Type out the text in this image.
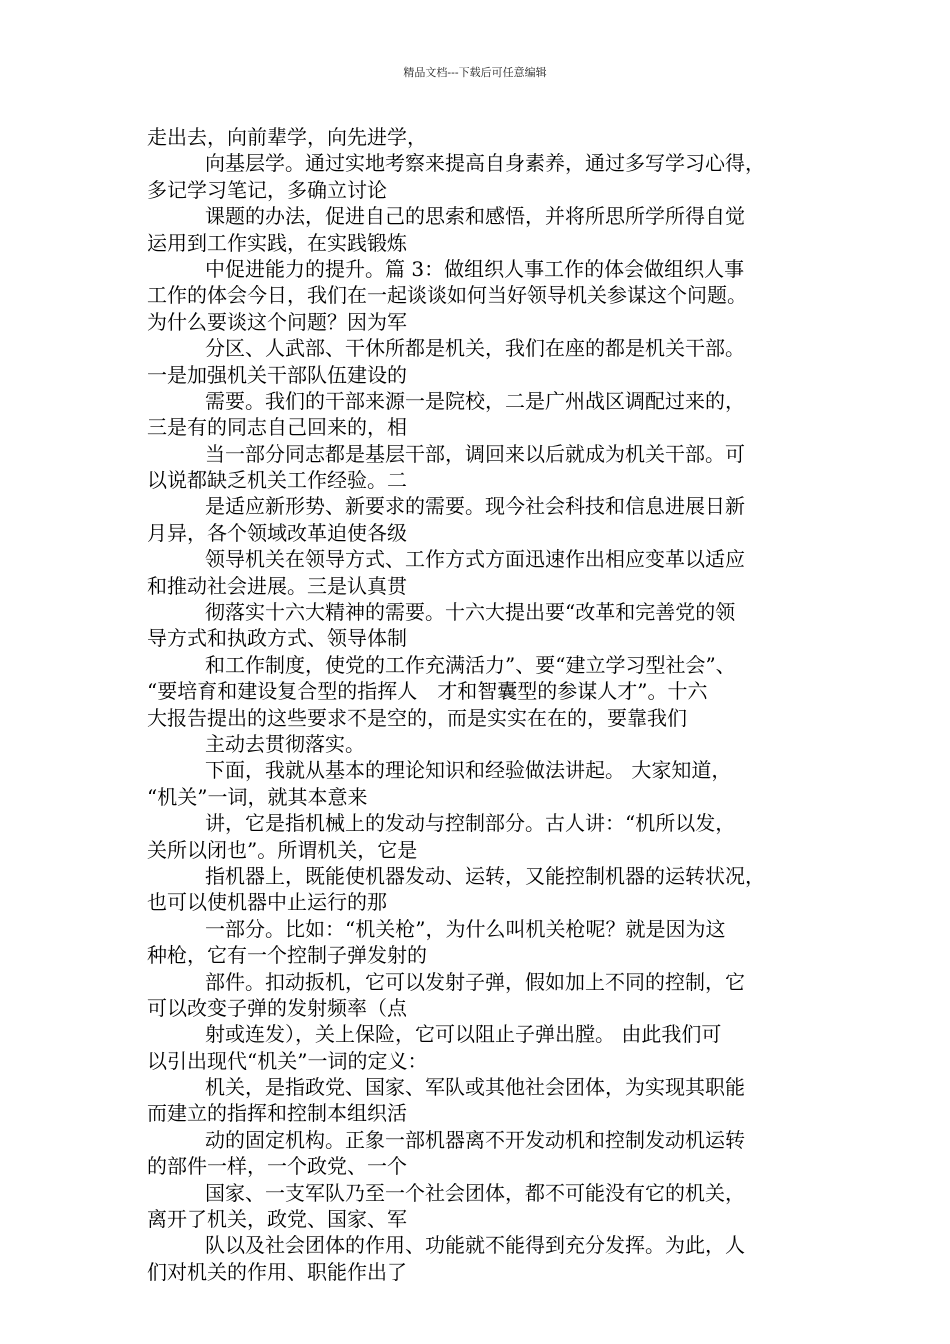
精品文档---下载后可任意编辑
走出去，向前辈学，向先进学，
向基层学。通过实地考察来提高自身素养，通过多写学习心得，
多记学习笔记，多确立讨论
课题的办法，促进自己的思索和感悟，并将所思所学所得自觉
运用到工作实践，在实践锻炼
中促进能力的提升。篇 3：做组织人事工作的体会做组织人事
工作的体会今日，我们在一起谈谈如何当好领导机关参谋这个问题。
为什么要谈这个问题？因为军
分区、人武部、干休所都是机关，我们在座的都是机关干部。
一是加强机关干部队伍建设的
需要。我们的干部来源一是院校，二是广州战区调配过来的，
三是有的同志自己回来的，相
当一部分同志都是基层干部，调回来以后就成为机关干部。可
以说都缺乏机关工作经验。二
是适应新形势、新要求的需要。现今社会科技和信息进展日新
月异，各个领域改革迫使各级
领导机关在领导方式、工作方式方面迅速作出相应变革以适应
和推动社会进展。三是认真贯
彻落实十六大精神的需要。十六大提出要“改革和完善党的领
导方式和执政方式、领导体制
和工作制度，使党的工作充满活力”、要“建立学习型社会”、
“要培育和建设复合型的指挥人　才和智囊型的参谋人才”。十六
大报告提出的这些要求不是空的，而是实实在在的，要靠我们
主动去贯彻落实。
下面，我就从基本的理论知识和经验做法讲起。 大家知道，
“机关”一词，就其本意来
讲，它是指机械上的发动与控制部分。古人讲：“机所以发，
关所以闭也”。所谓机关，它是
指机器上，既能使机器发动、运转，又能控制机器的运转状况，
也可以使机器中止运行的那
一部分。比如：“机关枪”，为什么叫机关枪呢？就是因为这
种枪，它有一个控制子弹发射的
部件。扣动扳机，它可以发射子弹，假如加上不同的控制，它
可以改变子弹的发射频率（点
射或连发），关上保险，它可以阻止子弹出膛。 由此我们可
以引出现代“机关”一词的定义：
机关，是指政党、国家、军队或其他社会团体，为实现其职能
而建立的指挥和控制本组织活
动的固定机构。正象一部机器离不开发动机和控制发动机运转
的部件一样，一个政党、一个
国家、一支军队乃至一个社会团体，都不可能没有它的机关，
离开了机关，政党、国家、军
队以及社会团体的作用、功能就不能得到充分发挥。为此，人
们对机关的作用、职能作出了
